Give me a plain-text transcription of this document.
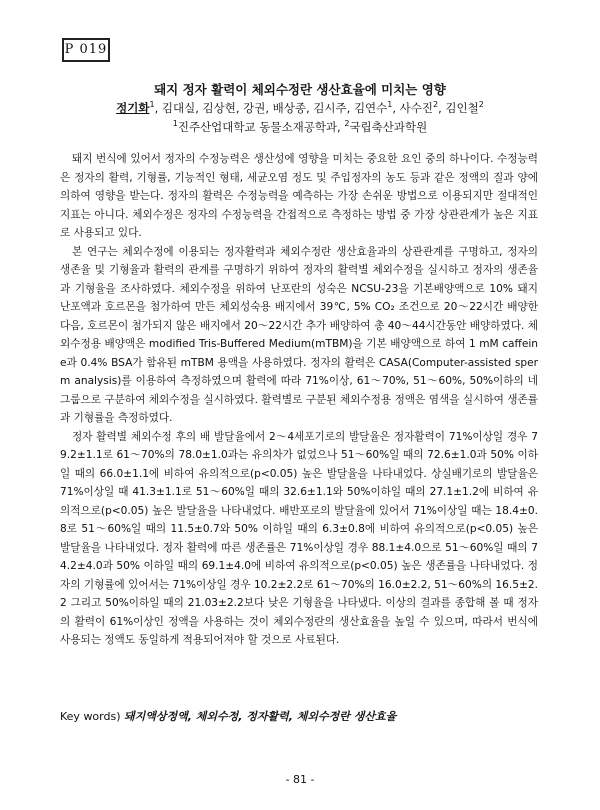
P 019
돼지 정자 활력이 체외수정란 생산효율에 미치는 영향
정기화$^1$, 김대실, 김상현, 강권, 배상종, 김시주, 김연수$^1$, 사수진$^2$, 김인철$^2$
$^1$진주산업대학교 동물소재공학과, $^2$국립축산과학원

돼지 번식에 있어서 정자의 수정능력은 생산성에 영향을 미치는 중요한 요인 중의 하나이다. 수정능력은 정자의 활력, 기형률, 기능적인 형태, 세균오염 정도 및 주입정자의 농도 등과 같은 정액의 질과 양에 의하여 영향을 받는다. 정자의 활력은 수정능력을 예측하는 가장 손쉬운 방법으로 이용되지만 절대적인 지표는 아니다. 체외수정은 정자의 수정능력을 간접적으로 측정하는 방법 중 가장 상관관계가 높은 지표로 사용되고 있다.

본 연구는 체외수정에 이용되는 정자활력과 체외수정란 생산효율과의 상관관계를 구명하고, 정자의 생존율 및 기형율과 활력의 관계를 구명하기 위하여 정자의 활력별 체외수정을 실시하고 정자의 생존율과 기형율을 조사하였다. 체외수정을 위하여 난포란의 성숙은 NCSU-23을 기본배양액으로 10% 돼지 난포액과 호르몬을 첨가하여 만든 체외성숙용 배지에서 39℃, 5% CO₂ 조건으로 20～22시간 배양한 다음, 호르몬이 첨가되지 않은 배지에서 20～22시간 추가 배양하여 총 40～44시간동안 배양하였다. 체외수정용 배양액은 modified Tris-Buffered Medium(mTBM)을 기본 배양액으로 하여 1 mM caffeine과 0.4% BSA가 함유된 mTBM 용액을 사용하였다. 정자의 활력은 CASA(Computer-assisted sperm analysis)를 이용하여 측정하였으며 활력에 따라 71%이상, 61～70%, 51～60%, 50%이하의 네 그룹으로 구분하여 체외수정을 실시하였다. 활력별로 구분된 체외수정용 정액은 염색을 실시하여 생존률과 기형률을 측정하였다.

정자 활력별 체외수정 후의 배 발달율에서 2～4세포기로의 발달율은 정자활력이 71%이상일 경우 79.2±1.1로 61～70%의 78.0±1.0과는 유의차가 없었으나 51～60%일 때의 72.6±1.0과 50% 이하일 때의 66.0±1.1에 비하여 유의적으로(p<0.05) 높은 발달율을 나타내었다. 상실배기로의 발달율은 71%이상일 때 41.3±1.1로 51～60%일 때의 32.6±1.1와 50%이하일 때의 27.1±1.2에 비하여 유의적으로(p<0.05) 높은 발달율을 나타내었다. 배반포로의 발달율에 있어서 71%이상일 때는 18.4±0.8로 51～60%일 때의 11.5±0.7와 50% 이하일 때의 6.3±0.8에 비하여 유의적으로(p<0.05) 높은 발달율을 나타내었다. 정자 활력에 따른 생존률은 71%이상일 경우 88.1±4.0으로 51～60%일 때의 74.2±4.0과 50% 이하일 때의 69.1±4.0에 비하여 유의적으로(p<0.05) 높은 생존률을 나타내었다. 정자의 기형률에 있어서는 71%이상일 경우 10.2±2.2로 61～70%의 16.0±2.2, 51～60%의 16.5±2.2 그리고 50%이하일 때의 21.03±2.2보다 낮은 기형율을 나타냈다. 이상의 결과를 종합해 볼 때 정자의 활력이 61%이상인 정액을 사용하는 것이 체외수정란의 생산효율을 높일 수 있으며, 따라서 번식에 사용되는 정액도 동일하게 적용되어져야 할 것으로 사료된다.

Key words) 돼지액상정액, 체외수정, 정자활력, 체외수정란 생산효율
- 81 -
